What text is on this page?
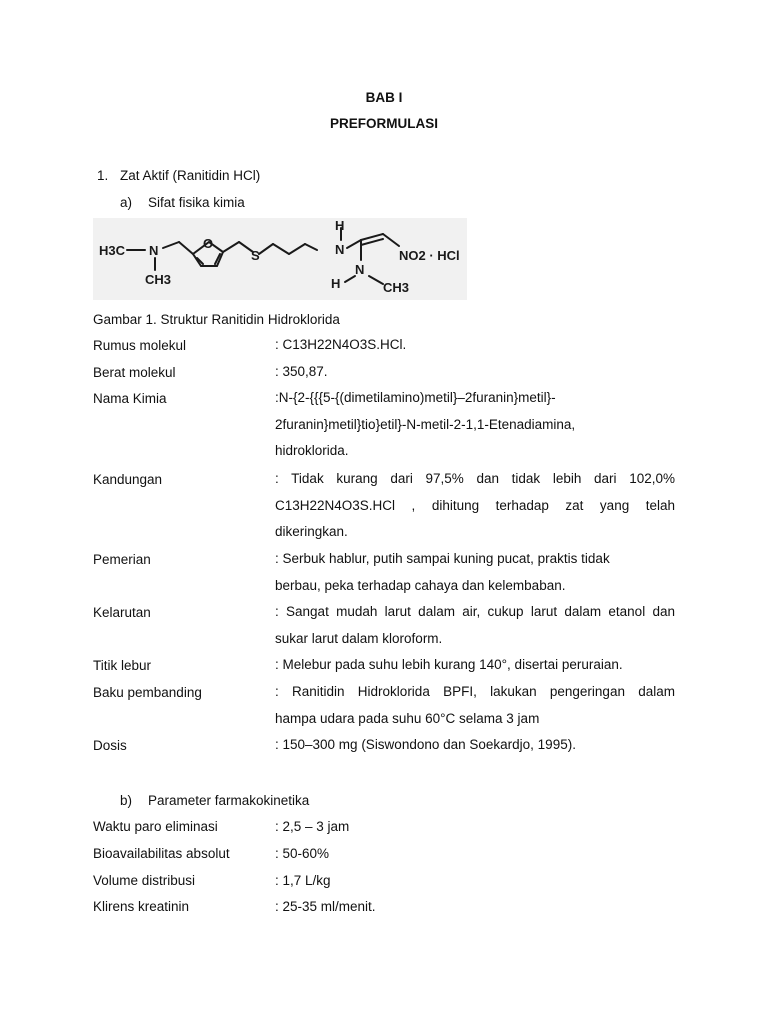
BAB I
PREFORMULASI
1. Zat Aktif (Ranitidin HCl)
a) Sifat fisika kimia
H3C N
CH3
O
S
H
N	NO2 · HCl
H
N
CH3
Gambar 1. Struktur Ranitidin Hidroklorida
Rumus molekul	: C13H22N4O3S.HCl.
Berat molekul	: 350,87.
Nama Kimia	:N-{2-{{{5-{(dimetilamino)metil}–2furanin}metil}-
2furanin}metil}tio}etil}-N-metil-2-1,1-Etenadiamina,
hidroklorida.
Kandungan	: Tidak kurang dari 97,5% dan tidak lebih dari 102,0%
C13H22N4O3S.HCl , dihitung terhadap zat yang telah
dikeringkan.
Pemerian	: Serbuk hablur, putih sampai kuning pucat, praktis tidak
berbau, peka terhadap cahaya dan kelembaban.
Kelarutan	: Sangat mudah larut dalam air, cukup larut dalam etanol dan
sukar larut dalam kloroform.
Titik lebur	: Melebur pada suhu lebih kurang 140°, disertai peruraian.
Baku pembanding	: Ranitidin Hidroklorida BPFI, lakukan pengeringan dalam
hampa udara pada suhu 60°C selama 3 jam
Dosis	: 150–300 mg (Siswondono dan Soekardjo, 1995).
b) Parameter farmakokinetika
Waktu paro eliminasi	: 2,5 – 3 jam
Bioavailabilitas absolut	: 50-60%
Volume distribusi	: 1,7 L/kg
Klirens kreatinin	: 25-35 ml/menit.
